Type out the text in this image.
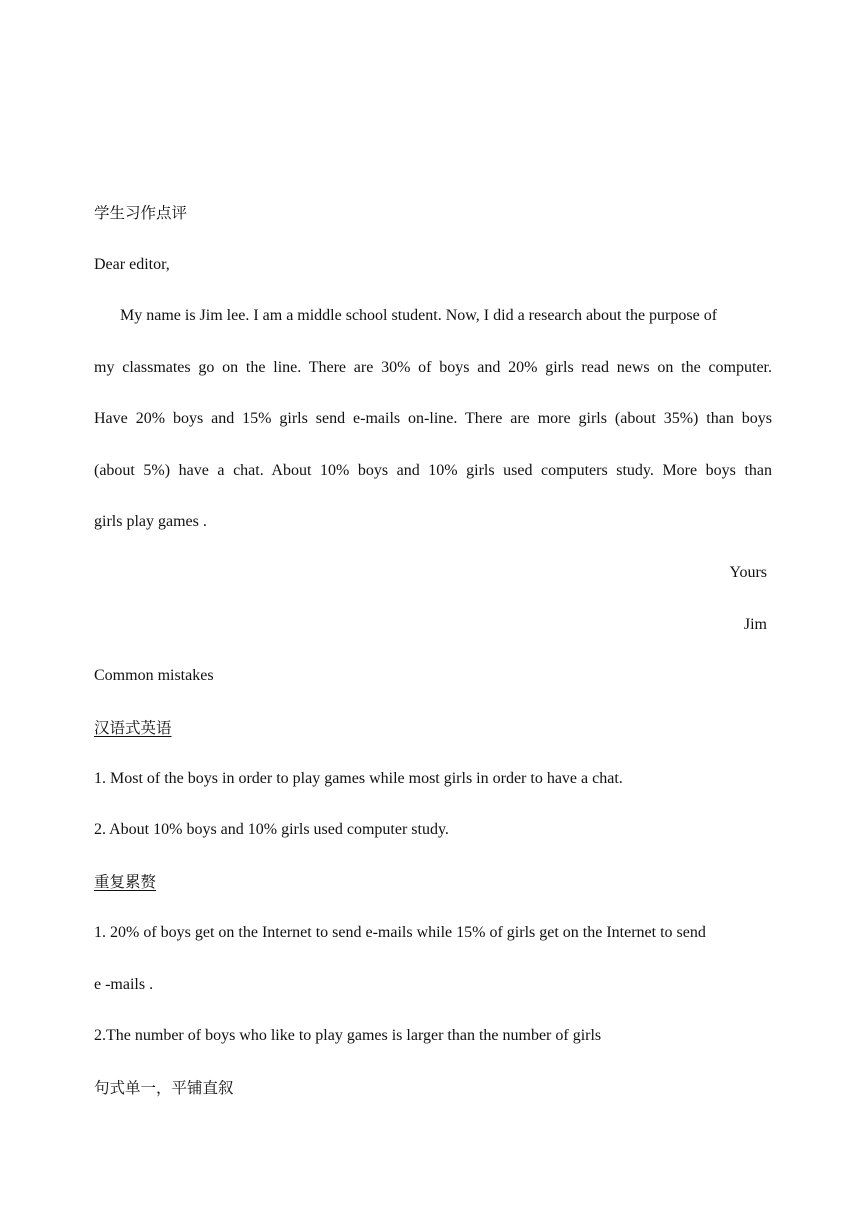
学生习作点评
Dear editor,
My name is Jim lee. I am a middle school student. Now, I did a research about the purpose of
my classmates go on the line. There are 30% of boys and 20% girls read news on the computer.
Have 20% boys and 15% girls send e-mails on-line. There are more girls (about 35%) than boys
(about 5%) have a chat. About 10% boys and 10% girls used computers study. More boys than
girls play games .
Yours
Jim
Common mistakes
汉语式英语
1. Most of the boys in order to play games while most girls in order to have a chat.
2. About 10% boys and 10% girls used computer study.
重复累赘
1. 20% of boys get on the Internet to send e-mails while 15% of girls get on the Internet to send
e -mails .
2.The number of boys who like to play games is larger than the number of girls
句式单一，平铺直叙
